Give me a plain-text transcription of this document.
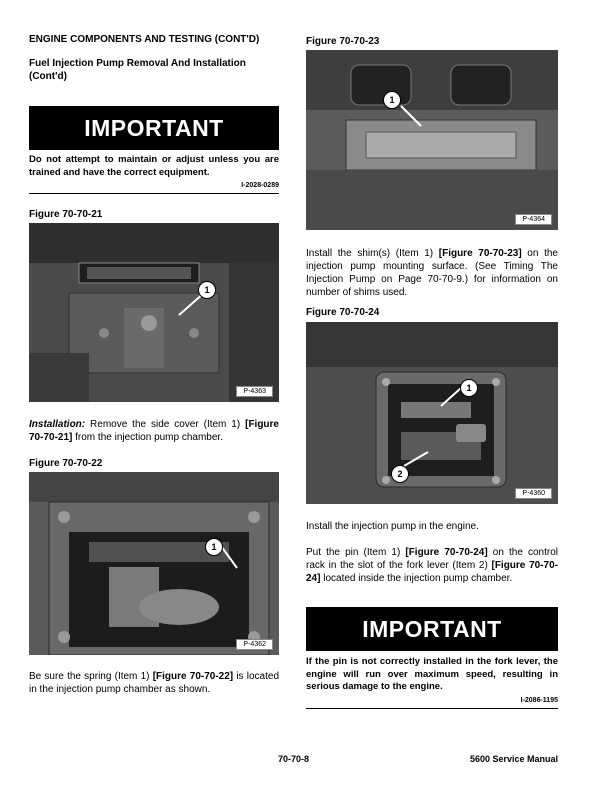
ENGINE COMPONENTS AND TESTING (CONT'D)
Fuel Injection Pump Removal And Installation (Cont'd)
IMPORTANT
Do not attempt to maintain or adjust unless you are trained and have the correct equipment.
I-2028-0289
Figure 70-70-21
1
P-4363
Installation: Remove the side cover (Item 1) [Figure 70-70-21] from the injection pump chamber.
Figure 70-70-22
1
P-4362
Be sure the spring (Item 1) [Figure 70-70-22] is located in the injection pump chamber as shown.
Figure 70-70-23
1
P-4364
Install the shim(s) (Item 1) [Figure 70-70-23] on the injection pump mounting surface. (See Timing The Injection Pump on Page 70-70-9.) for information on number of shims used.
Figure 70-70-24
1
2
P-4360
Install the injection pump in the engine.
Put the pin (Item 1) [Figure 70-70-24] on the control rack in the slot of the fork lever (Item 2) [Figure 70-70-24] located inside the injection pump chamber.
IMPORTANT
If the pin is not correctly installed in the fork lever, the engine will run over maximum speed, resulting in serious damage to the engine.
I-2086-1195
70-70-8	5600 Service Manual
